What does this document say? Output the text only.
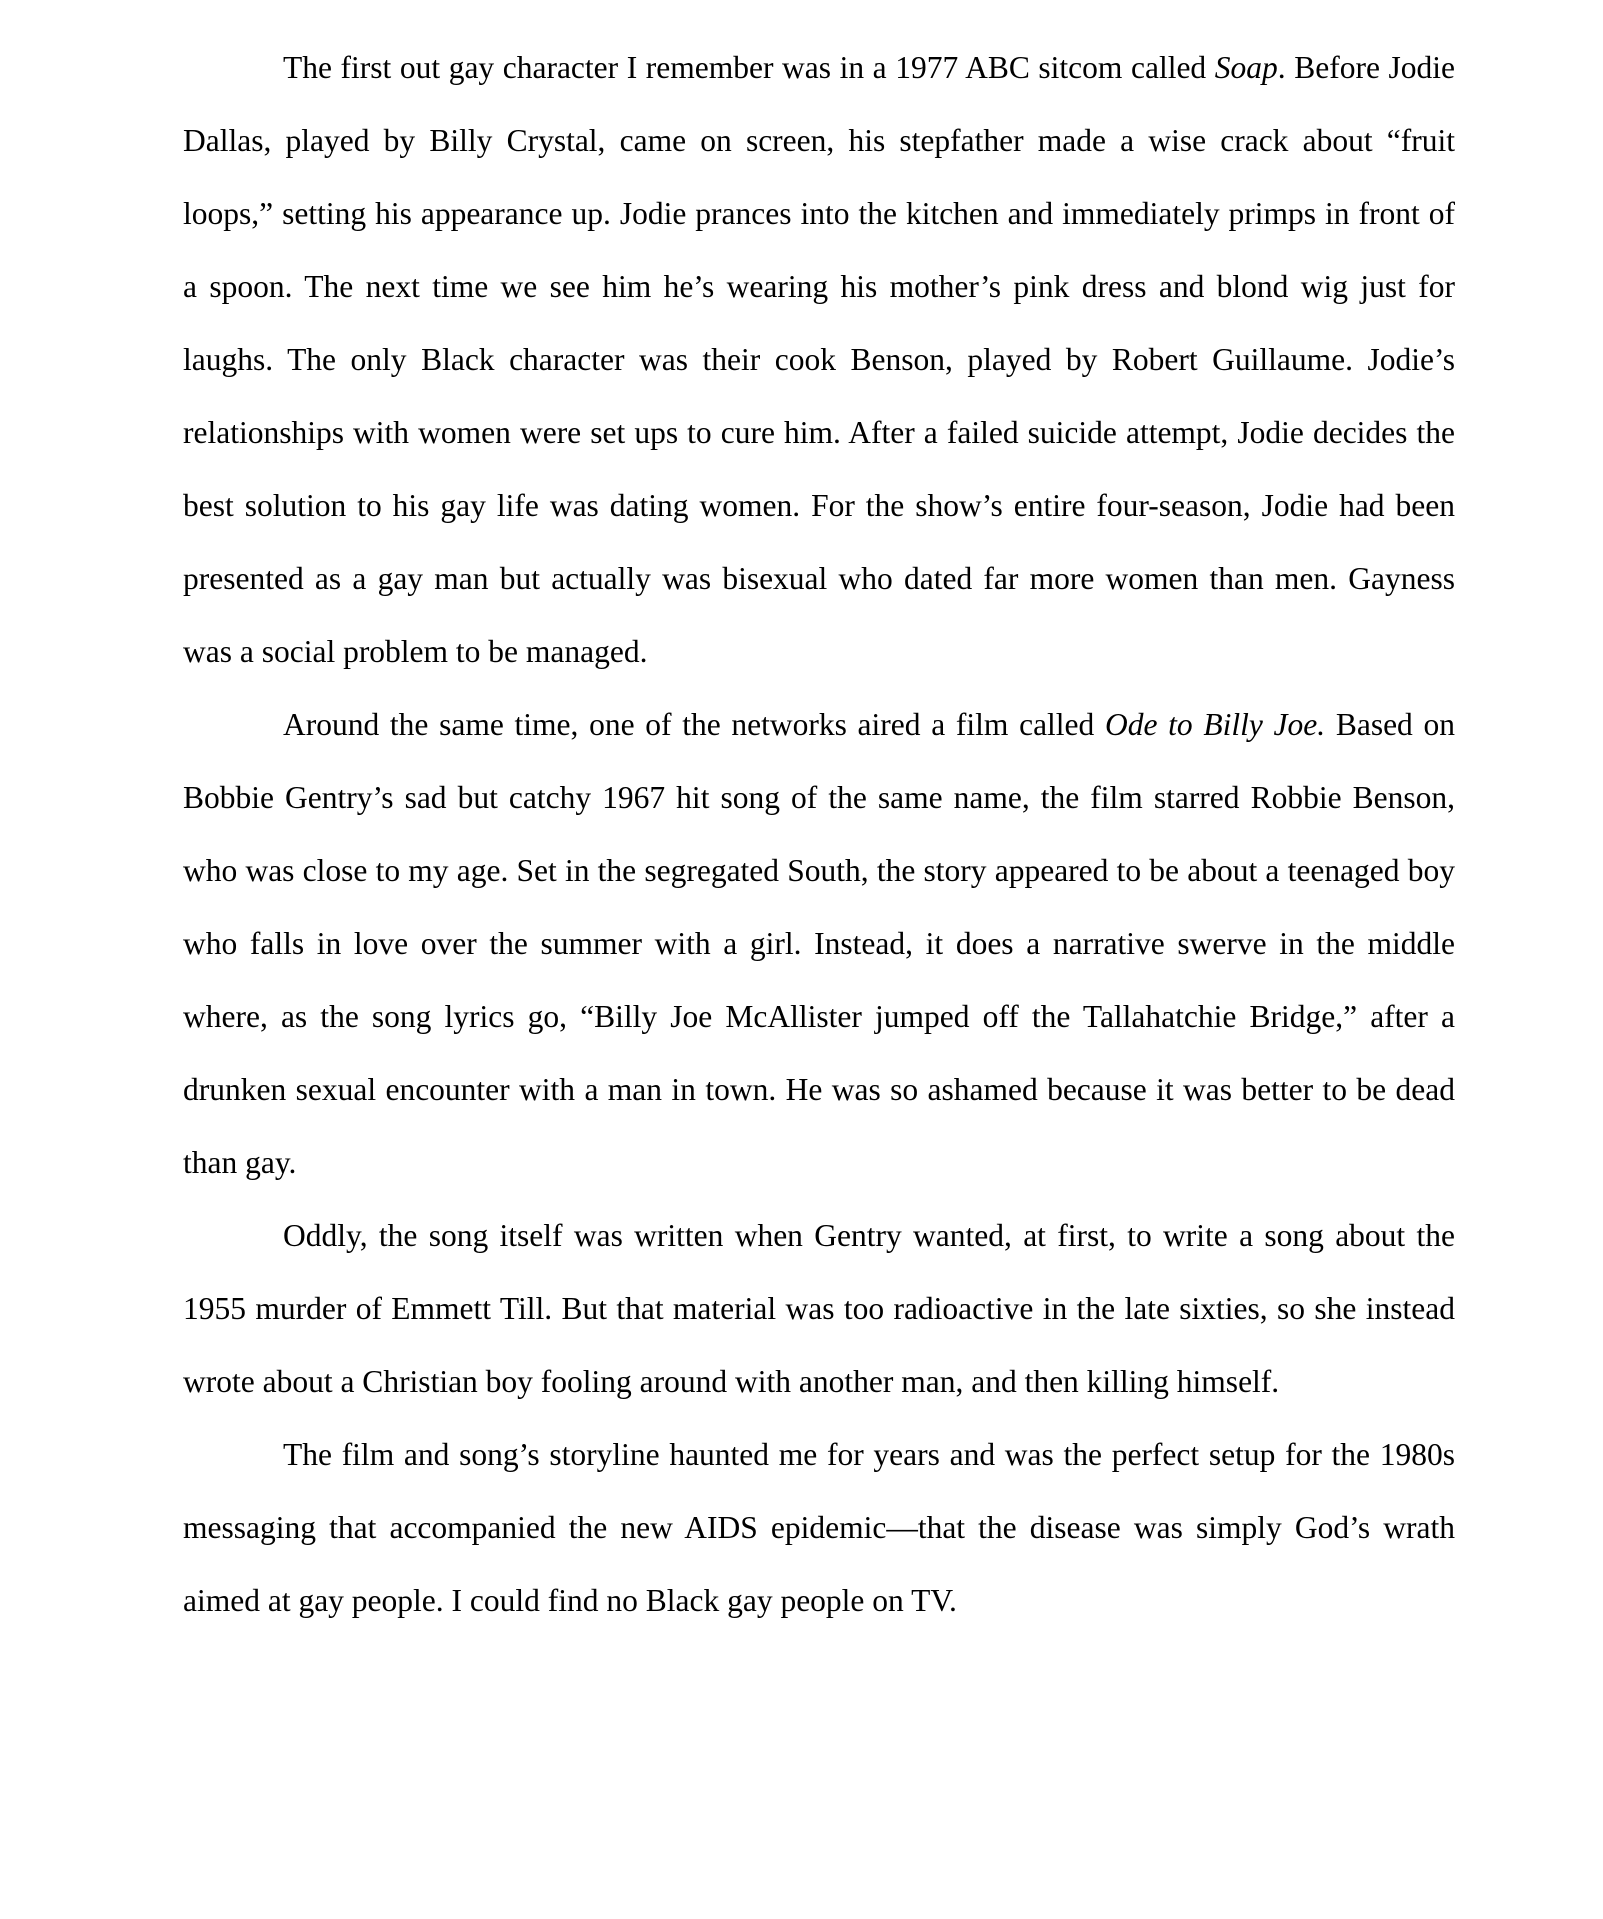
The first out gay character I remember was in a 1977 ABC sitcom called Soap. Before Jodie Dallas, played by Billy Crystal, came on screen, his stepfather made a wise crack about “fruit loops,” setting his appearance up. Jodie prances into the kitchen and immediately primps in front of a spoon. The next time we see him he’s wearing his mother’s pink dress and blond wig just for laughs. The only Black character was their cook Benson, played by Robert Guillaume. Jodie’s relationships with women were set ups to cure him. After a failed suicide attempt, Jodie decides the best solution to his gay life was dating women. For the show’s entire four-season, Jodie had been presented as a gay man but actually was bisexual who dated far more women than men. Gayness was a social problem to be managed.

Around the same time, one of the networks aired a film called Ode to Billy Joe. Based on Bobbie Gentry’s sad but catchy 1967 hit song of the same name, the film starred Robbie Benson, who was close to my age. Set in the segregated South, the story appeared to be about a teenaged boy who falls in love over the summer with a girl. Instead, it does a narrative swerve in the middle where, as the song lyrics go, “Billy Joe McAllister jumped off the Tallahatchie Bridge,” after a drunken sexual encounter with a man in town. He was so ashamed because it was better to be dead than gay.

Oddly, the song itself was written when Gentry wanted, at first, to write a song about the 1955 murder of Emmett Till. But that material was too radioactive in the late sixties, so she instead wrote about a Christian boy fooling around with another man, and then killing himself.

The film and song’s storyline haunted me for years and was the perfect setup for the 1980s messaging that accompanied the new AIDS epidemic—that the disease was simply God’s wrath aimed at gay people. I could find no Black gay people on TV.
